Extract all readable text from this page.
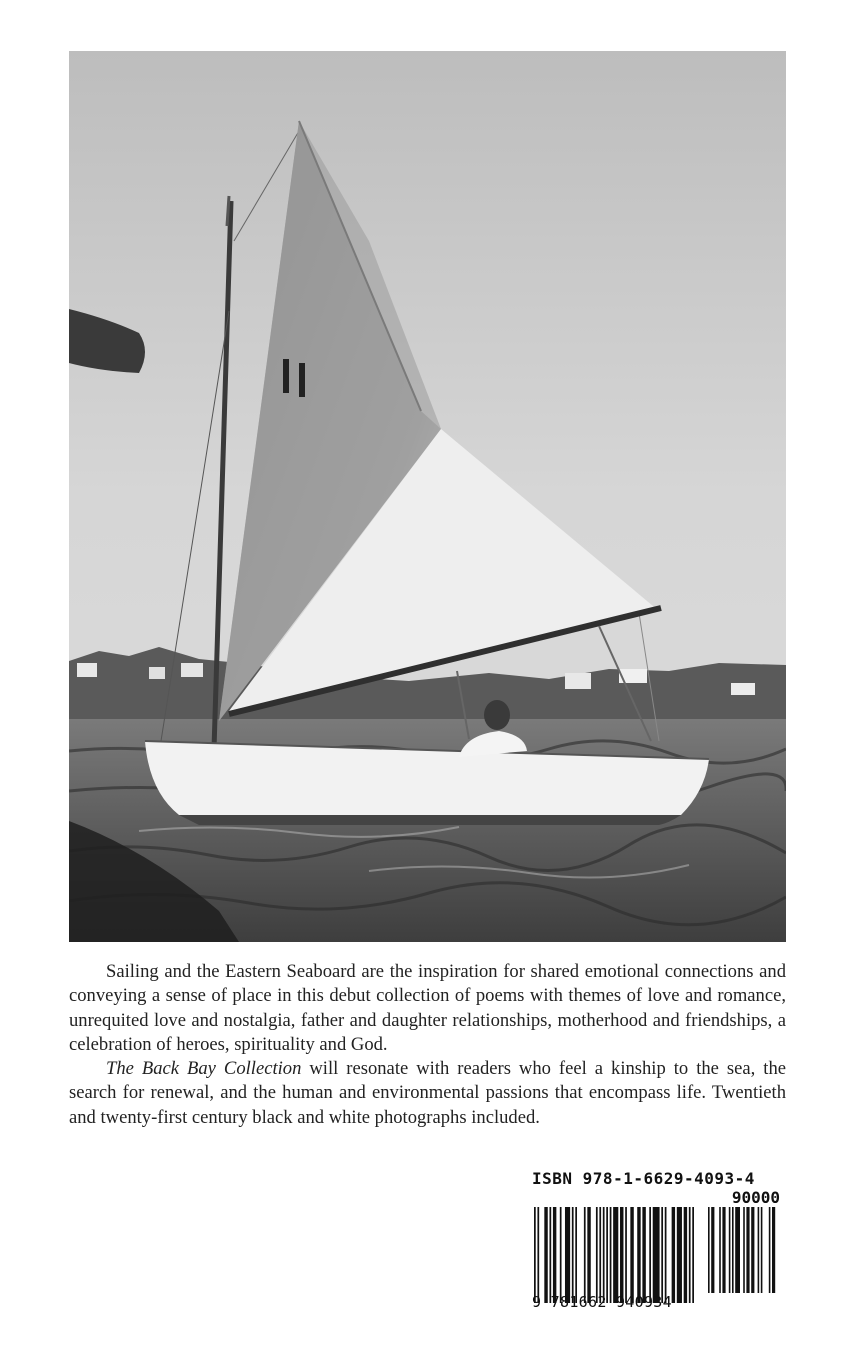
Sailing and the Eastern Seaboard are the inspiration for shared emotional connections and conveying a sense of place in this debut collection of poems with themes of love and romance, unrequited love and nostalgia, father and daughter relationships, motherhood and friendships, a celebration of heroes, spirituality and God.

The Back Bay Collection will resonate with readers who feel a kinship to the sea, the search for renewal, and the human and environmental passions that encompass life. Twentieth and twenty-first century black and white photographs included.

ISBN 978-1-6629-4093-4
90000
9 781662 940934
